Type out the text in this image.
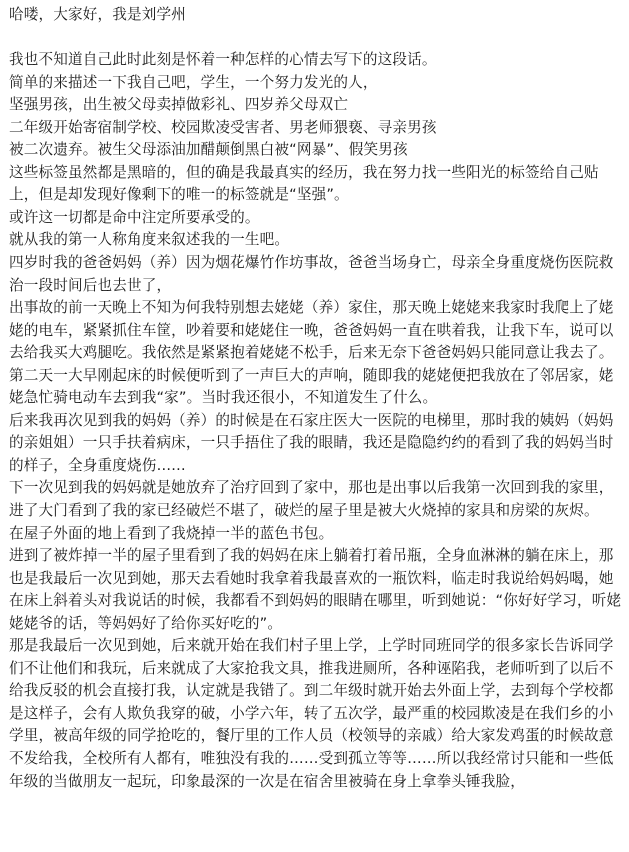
哈喽，大家好，我是刘学州

我也不知道自己此时此刻是怀着一种怎样的心情去写下的这段话。

简单的来描述一下我自己吧，学生，一个努力发光的人，

坚强男孩，出生被父母卖掉做彩礼、四岁养父母双亡

二年级开始寄宿制学校、校园欺凌受害者、男老师猥亵、寻亲男孩

被二次遗弃。被生父母添油加醋颠倒黑白被“网暴”、假笑男孩

这些标签虽然都是黑暗的，但的确是我最真实的经历，我在努力找一些阳光的标签给自己贴上，但是却发现好像剩下的唯一的标签就是“坚强”。

或许这一切都是命中注定所要承受的。

就从我的第一人称角度来叙述我的一生吧。

四岁时我的爸爸妈妈（养）因为烟花爆竹作坊事故，爸爸当场身亡，母亲全身重度烧伤医院救治一段时间后也去世了，

出事故的前一天晚上不知为何我特别想去姥姥（养）家住，那天晚上姥姥来我家时我爬上了姥姥的电车，紧紧抓住车筐，吵着要和姥姥住一晚，爸爸妈妈一直在哄着我，让我下车，说可以去给我买大鸡腿吃。我依然是紧紧抱着姥姥不松手，后来无奈下爸爸妈妈只能同意让我去了。

第二天一大早刚起床的时候便听到了一声巨大的声响，随即我的姥姥便把我放在了邻居家，姥姥急忙骑电动车去到我“家”。当时我还很小，不知道发生了什么。

后来我再次见到我的妈妈（养）的时候是在石家庄医大一医院的电梯里，那时我的姨妈（妈妈的亲姐姐）一只手扶着病床，一只手捂住了我的眼睛，我还是隐隐约约的看到了我的妈妈当时的样子，全身重度烧伤……

下一次见到我的妈妈就是她放弃了治疗回到了家中，那也是出事以后我第一次回到我的家里，进了大门看到了我的家已经破烂不堪了，破烂的屋子里是被大火烧掉的家具和房梁的灰烬。

在屋子外面的地上看到了我烧掉一半的蓝色书包。

进到了被炸掉一半的屋子里看到了我的妈妈在床上躺着打着吊瓶，全身血淋淋的躺在床上，那也是我最后一次见到她，那天去看她时我拿着我最喜欢的一瓶饮料，临走时我说给妈妈喝，她在床上斜着头对我说话的时候，我都看不到妈妈的眼睛在哪里，听到她说：“你好好学习，听姥姥姥爷的话，等妈妈好了给你买好吃的”。

那是我最后一次见到她，后来就开始在我们村子里上学，上学时同班同学的很多家长告诉同学们不让他们和我玩，后来就成了大家抢我文具，推我进厕所，各种诬陷我，老师听到了以后不给我反驳的机会直接打我，认定就是我错了。到二年级时就开始去外面上学，去到每个学校都是这样子，会有人欺负我穿的破，小学六年，转了五次学，最严重的校园欺凌是在我们乡的小学里，被高年级的同学抢吃的，餐厅里的工作人员（校领导的亲戚）给大家发鸡蛋的时候故意不发给我，全校所有人都有，唯独没有我的……受到孤立等等……所以我经常讨只能和一些低年级的当做朋友一起玩，印象最深的一次是在宿舍里被骑在身上拿拳头锤我脸，
